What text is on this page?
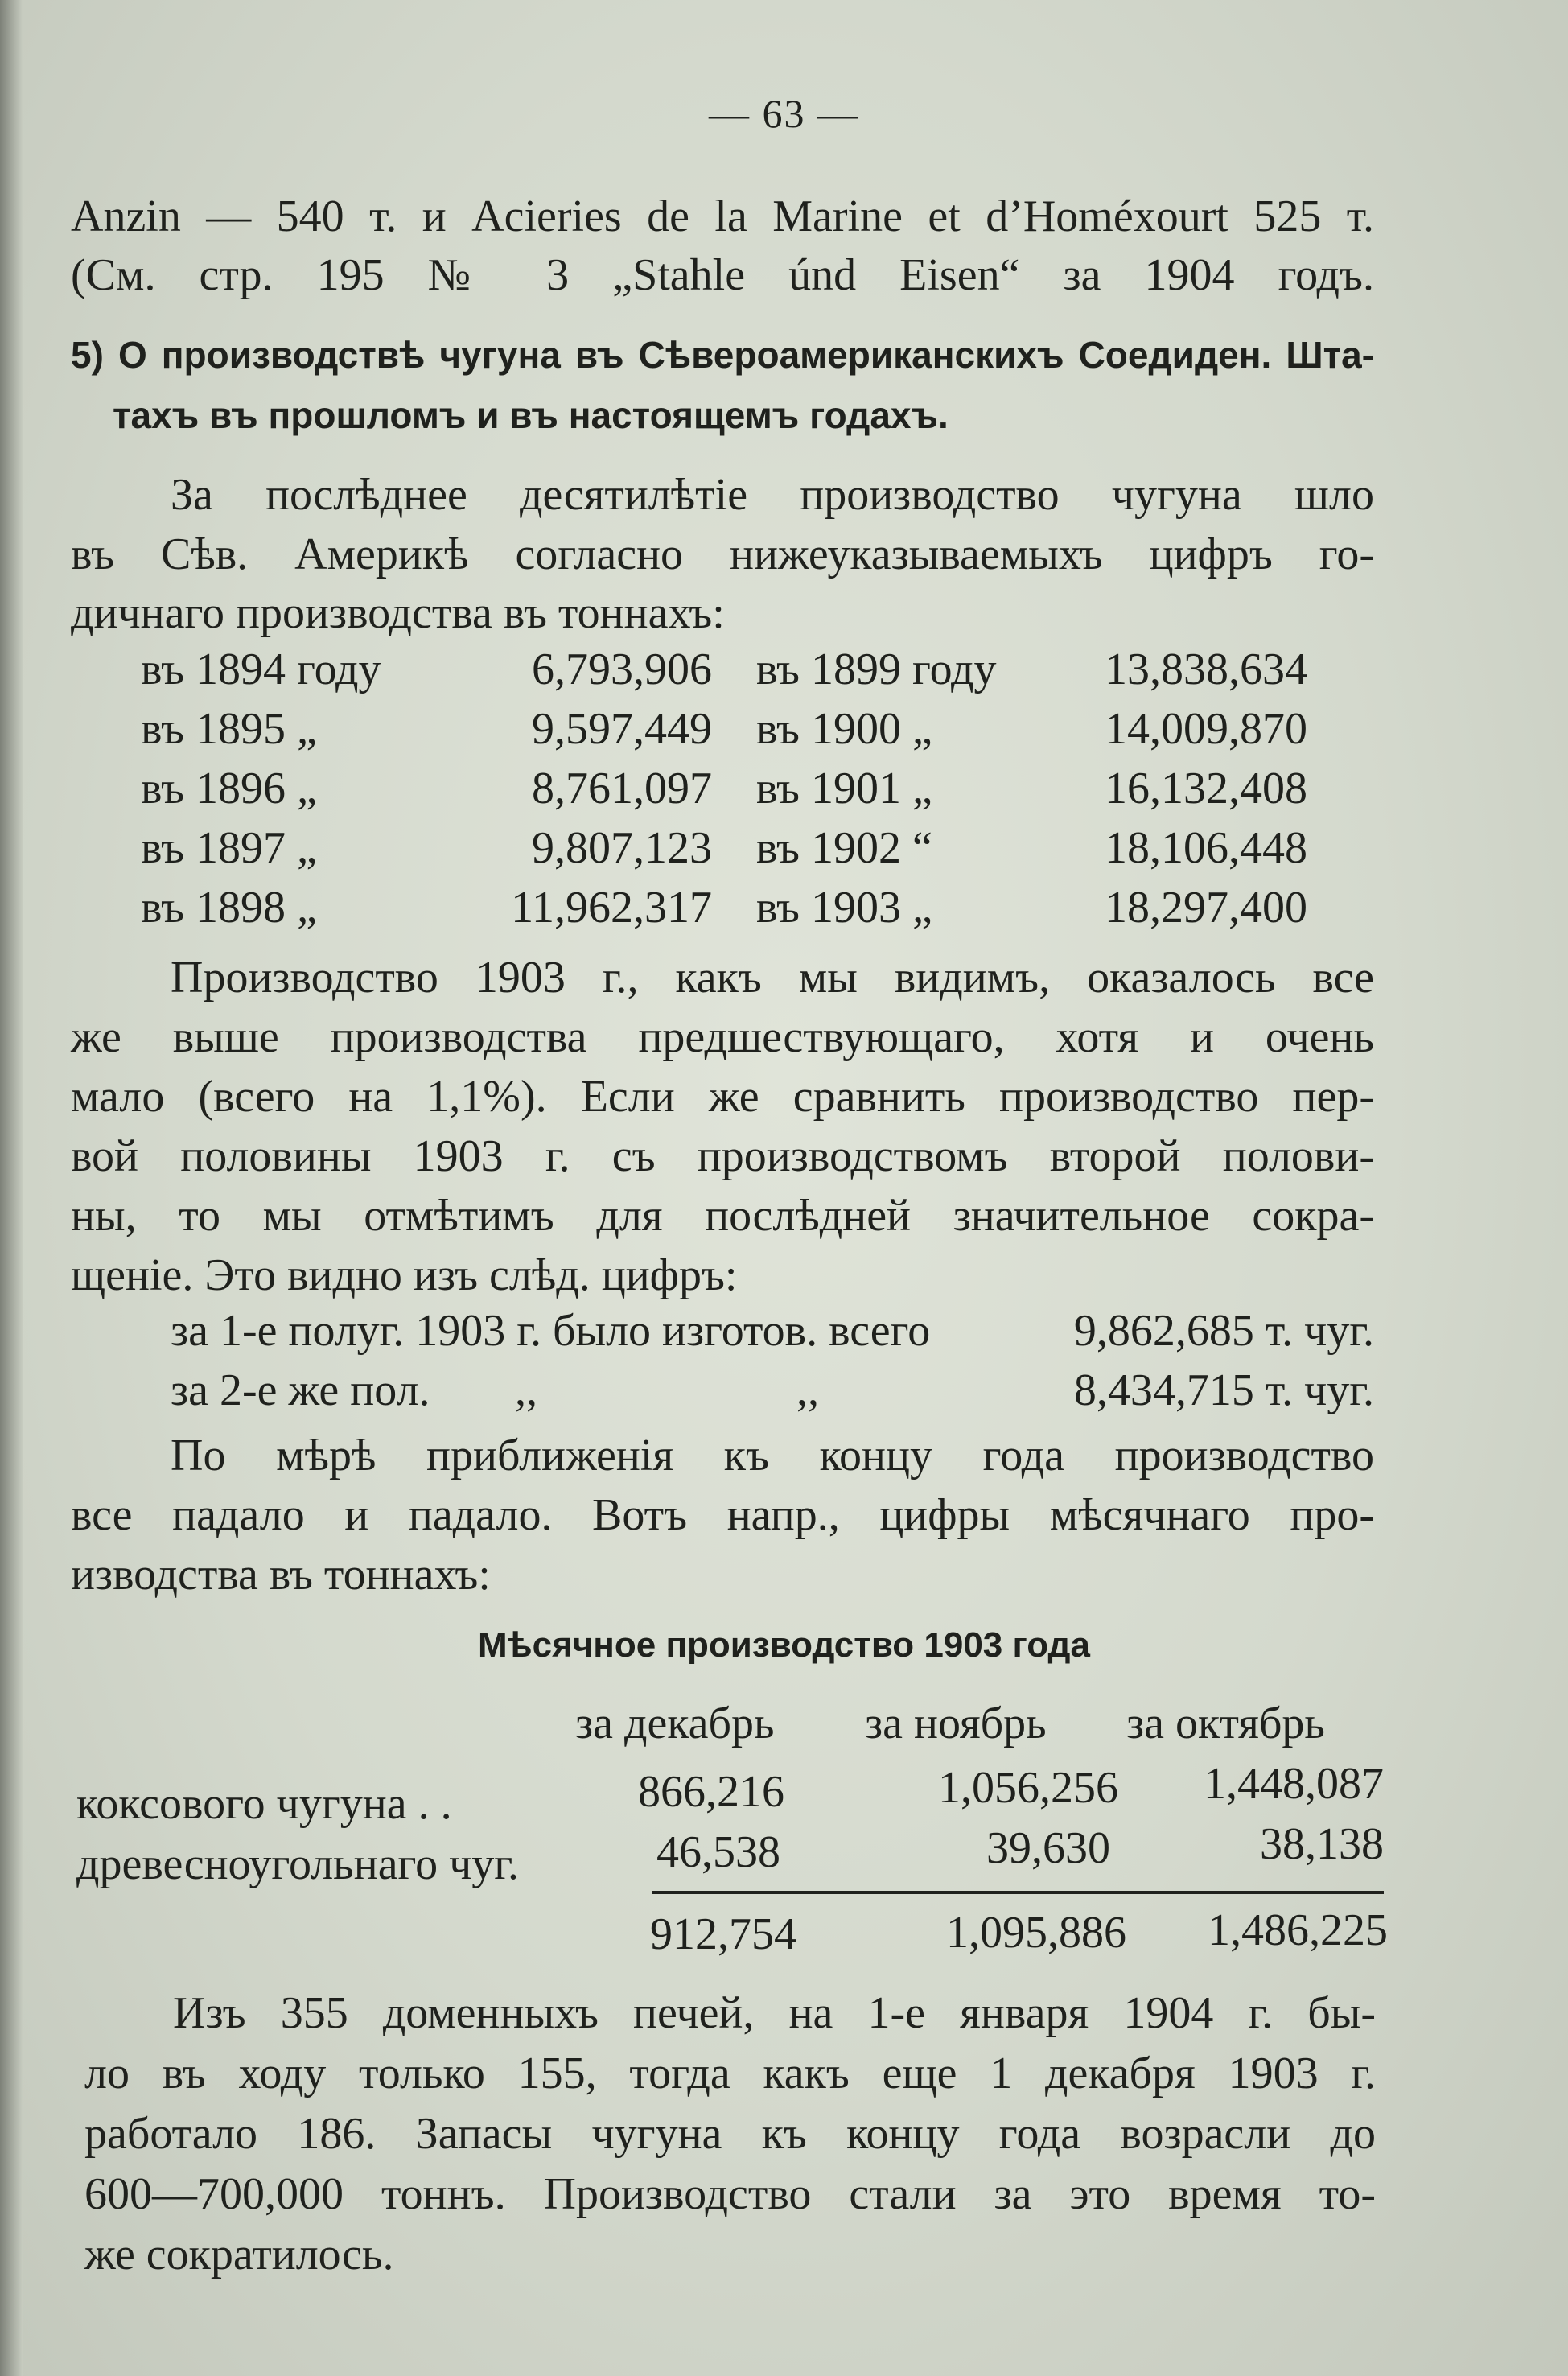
— 63 —
Anzin — 540 т. и Acieries de la Marine et d’Homéxourt 525 т.
(См. стр. 195 № 3 „Stahle únd Eisen“ за 1904 годъ.
5) О производствѣ чугуна въ Сѣвероамериканскихъ Соедиден. Шта-
тахъ въ прошломъ и въ настоящемъ годахъ.
За послѣднее десятилѣтіе производство чугуна шло
въ Сѣв. Америкѣ согласно нижеуказываемыхъ цифръ го-
дичнаго производства въ тоннахъ:
въ 1894 году	6,793,906 въ 1899 году	13,838,634
въ 1895 „	9,597,449 въ 1900 „	14,009,870
въ 1896 „	8,761,097 въ 1901 „	16,132,408
въ 1897 „	9,807,123 въ 1902 “	18,106,448
въ 1898 „	11,962,317 въ 1903 „	18,297,400
Производство 1903 г., какъ мы видимъ, оказалось все
же выше производства предшествующаго, хотя и очень
мало (всего на 1,1%). Если же сравнить производство пер-
вой половины 1903 г. съ производствомъ второй полови-
ны, то мы отмѣтимъ для послѣдней значительное сокра-
щеніе. Это видно изъ слѣд. цифръ:
за 1-е полуг. 1903 г. было изготов. всего	9,862,685 т. чуг.
за 2-е же пол. ,,	,,	8,434,715 т. чуг.
По мѣрѣ приближенія къ концу года производство
все падало и падало. Вотъ напр., цифры мѣсячнаго про-
изводства въ тоннахъ:
Мѣсячное производство 1903 года
за декабрь за ноябрь за октябрь
коксового чугуна . .	866,216	1,056,256	1,448,087
древесноугольнаго чуг.	46,538	39,630	38,138
912,754	1,095,886	1,486,225
Изъ 355 доменныхъ печей, на 1-е января 1904 г. бы-
ло въ ходу только 155, тогда какъ еще 1 декабря 1903 г.
работало 186. Запасы чугуна къ концу года возрасли до
600—700,000 тоннъ. Производство стали за это время то-
же сократилось.
